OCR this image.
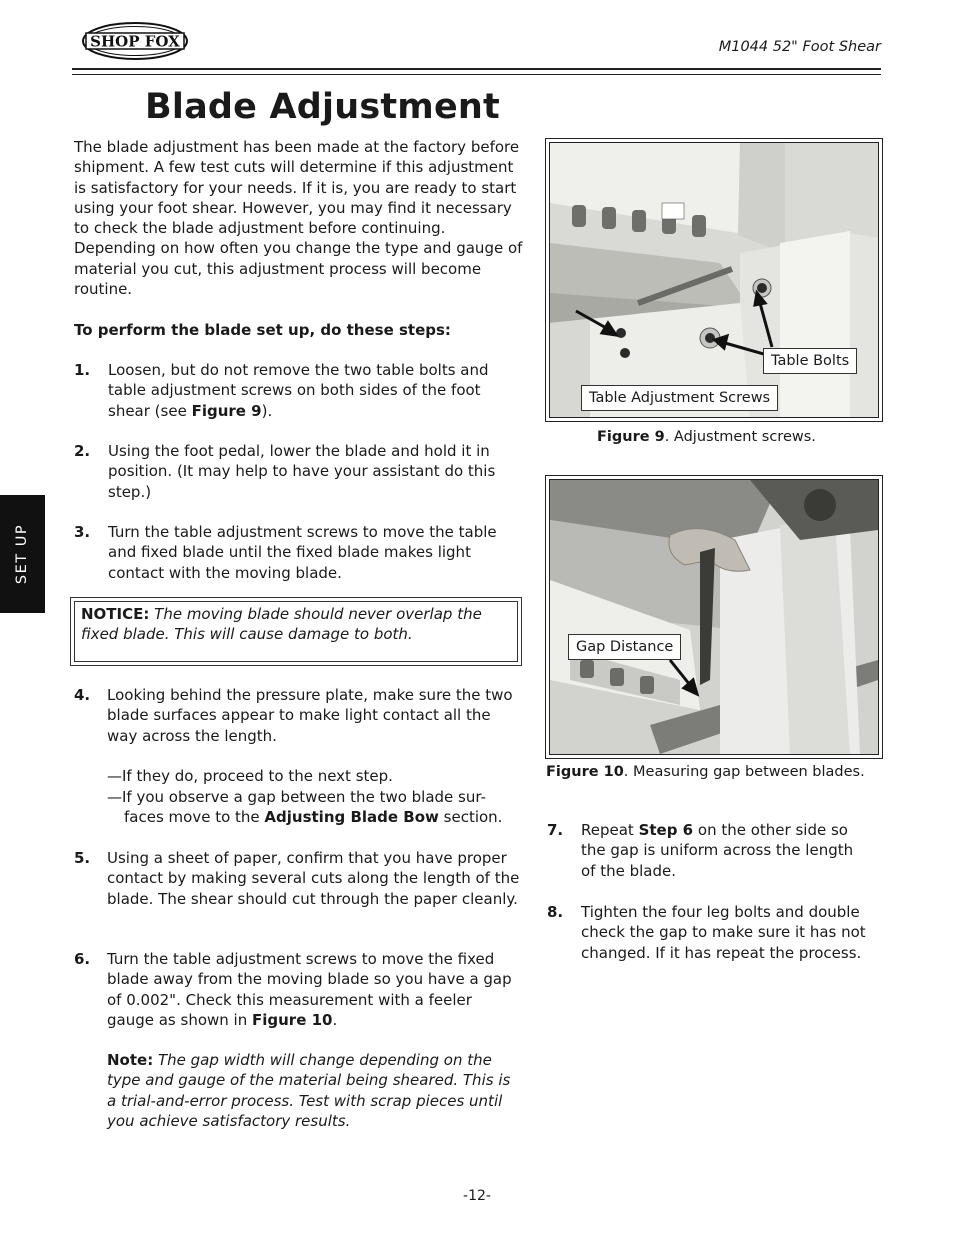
SHOP FOX	M1044 52" Foot Shear
Blade Adjustment
SET UP
The blade adjustment has been made at the factory before shipment. A few test cuts will determine if this adjustment is satisfactory for your needs. If it is, you are ready to start using your foot shear. However, you may find it necessary to check the blade adjustment before continuing. Depending on how often you change the type and gauge of material you cut, this adjustment process will become routine.
To perform the blade set up, do these steps:
1. Loosen, but do not remove the two table bolts and table adjustment screws on both sides of the foot shear (see Figure 9).
2. Using the foot pedal, lower the blade and hold it in position. (It may help to have your assistant do this step.)
3. Turn the table adjustment screws to move the table and fixed blade until the fixed blade makes light contact with the moving blade.
NOTICE: The moving blade should never overlap the fixed blade. This will cause damage to both.
4. Looking behind the pressure plate, make sure the two blade surfaces appear to make light contact all the way across the length.
—If they do, proceed to the next step.
—If you observe a gap between the two blade sur-faces move to the Adjusting Blade Bow section.
5. Using a sheet of paper, confirm that you have proper contact by making several cuts along the length of the blade. The shear should cut through the paper cleanly.
6. Turn the table adjustment screws to move the fixed blade away from the moving blade so you have a gap of 0.002". Check this measurement with a feeler gauge as shown in Figure 10.
Note: The gap width will change depending on the type and gauge of the material being sheared. This is a trial-and-error process. Test with scrap pieces until you achieve satisfactory results.
Table Bolts
Table Adjustment Screws
Figure 9. Adjustment screws.
Gap Distance
Figure 10. Measuring gap between blades.
7. Repeat Step 6 on the other side so the gap is uniform across the length of the blade.
8. Tighten the four leg bolts and double check the gap to make sure it has not changed. If it has repeat the process.
-12-
